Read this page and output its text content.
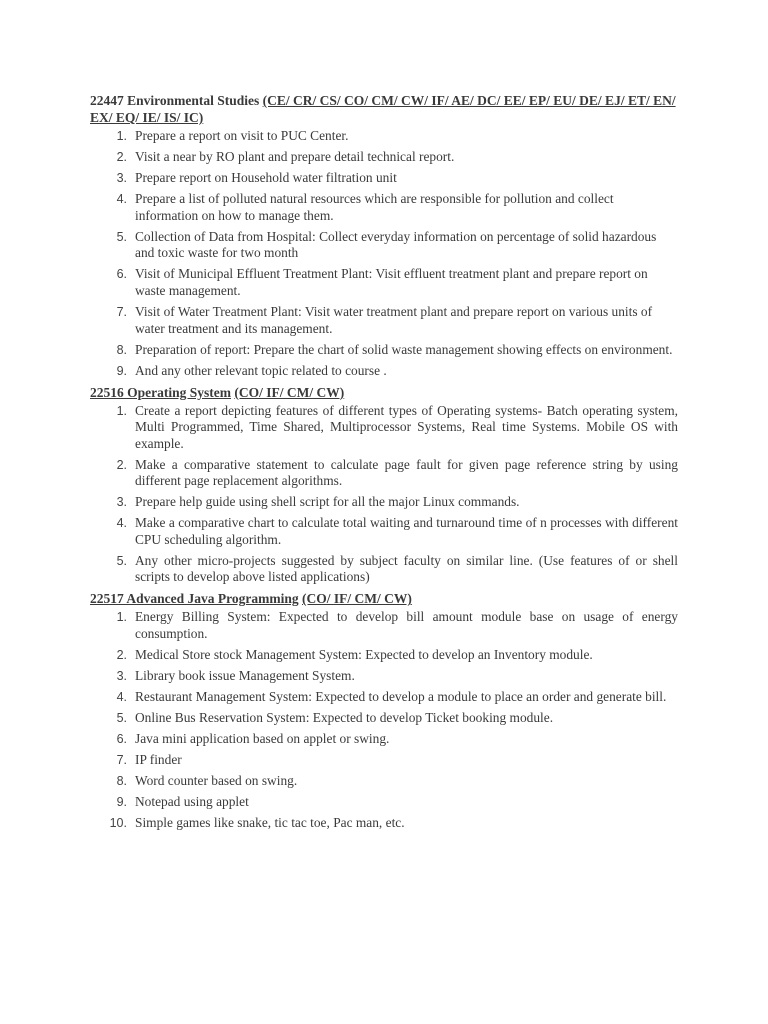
22447 Environmental Studies (CE/ CR/ CS/ CO/ CM/ CW/ IF/ AE/ DC/ EE/ EP/ EU/ DE/ EJ/ ET/ EN/ EX/ EQ/ IE/ IS/ IC)

1. Prepare a report on visit to PUC Center.
2. Visit a near by RO plant and prepare detail technical report.
3. Prepare report on Household water filtration unit
4. Prepare a list of polluted natural resources which are responsible for pollution and collect information on how to manage them.
5. Collection of Data from Hospital: Collect everyday information on percentage of solid hazardous and toxic waste for two month
6. Visit of Municipal Effluent Treatment Plant: Visit effluent treatment plant and prepare report on waste management.
7. Visit of Water Treatment Plant: Visit water treatment plant and prepare report on various units of water treatment and its management.
8. Preparation of report: Prepare the chart of solid waste management showing effects on environment.
9. And any other relevant topic related to course .

22516 Operating System (CO/ IF/ CM/ CW)

1. Create a report depicting features of different types of Operating systems- Batch operating system, Multi Programmed, Time Shared, Multiprocessor Systems, Real time Systems. Mobile OS with example.
2. Make a comparative statement to calculate page fault for given page reference string by using different page replacement algorithms.
3. Prepare help guide using shell script for all the major Linux commands.
4. Make a comparative chart to calculate total waiting and turnaround time of n processes with different CPU scheduling algorithm.
5. Any other micro-projects suggested by subject faculty on similar line. (Use features of or shell scripts to develop above listed applications)

22517 Advanced Java Programming (CO/ IF/ CM/ CW)

1. Energy Billing System: Expected to develop bill amount module base on usage of energy consumption.
2. Medical Store stock Management System: Expected to develop an Inventory module.
3. Library book issue Management System.
4. Restaurant Management System: Expected to develop a module to place an order and generate bill.
5. Online Bus Reservation System: Expected to develop Ticket booking module.
6. Java mini application based on applet or swing.
7. IP finder
8. Word counter based on swing.
9. Notepad using applet
10. Simple games like snake, tic tac toe, Pac man, etc.
